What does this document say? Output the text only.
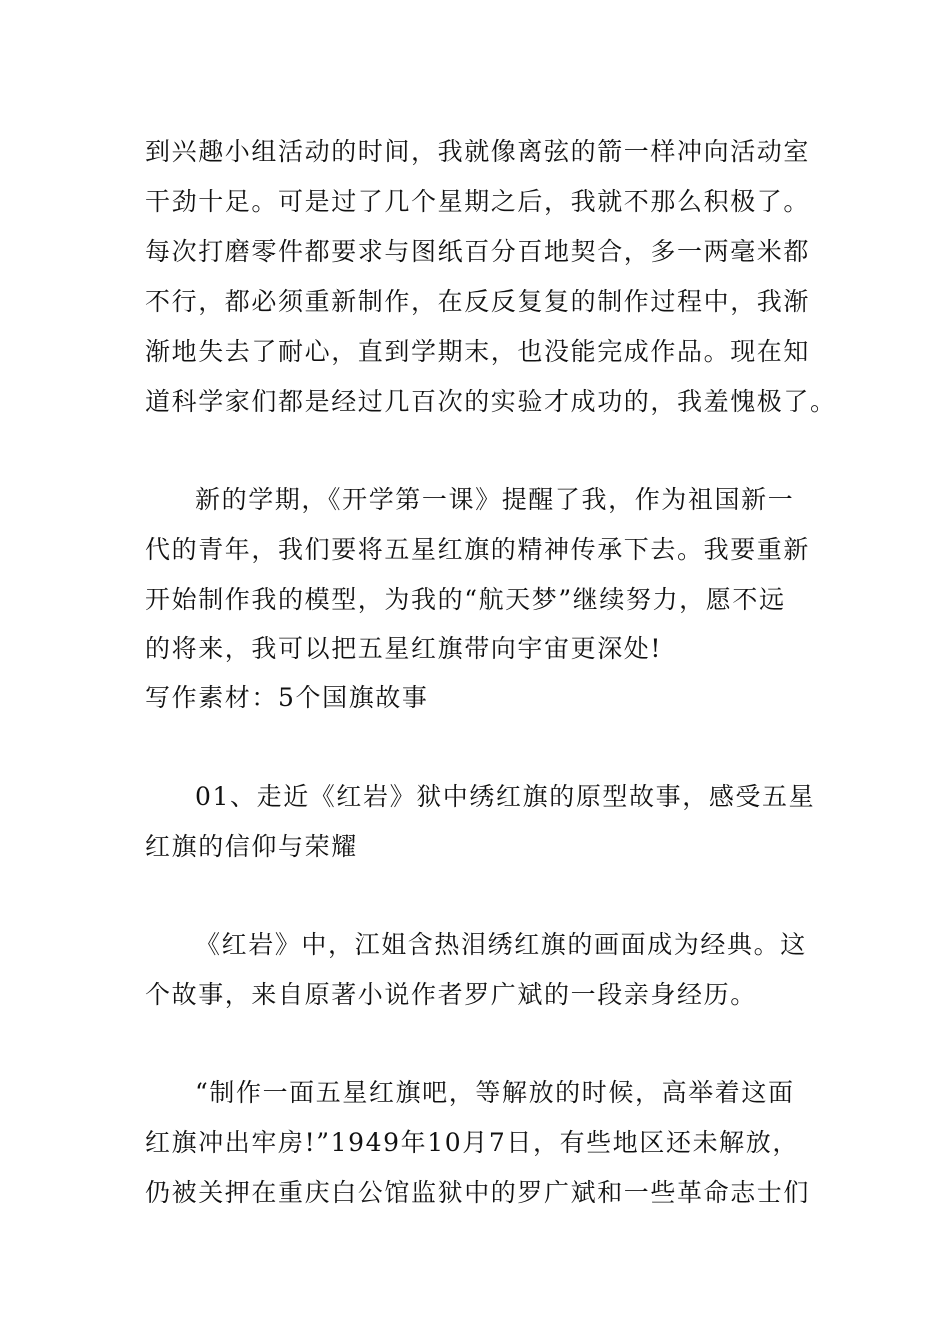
到兴趣小组活动的时间，我就像离弦的箭一样冲向活动室
干劲十足。可是过了几个星期之后，我就不那么积极了。
每次打磨零件都要求与图纸百分百地契合，多一两毫米都
不行，都必须重新制作，在反反复复的制作过程中，我渐
渐地失去了耐心，直到学期末，也没能完成作品。现在知
道科学家们都是经过几百次的实验才成功的，我羞愧极了。
新的学期，《开学第一课》提醒了我，作为祖国新一
代的青年，我们要将五星红旗的精神传承下去。我要重新
开始制作我的模型，为我的“航天梦”继续努力，愿不远
的将来，我可以把五星红旗带向宇宙更深处!
写作素材：5个国旗故事
01、走近《红岩》狱中绣红旗的原型故事，感受五星
红旗的信仰与荣耀
《红岩》中，江姐含热泪绣红旗的画面成为经典。这
个故事，来自原著小说作者罗广斌的一段亲身经历。
“制作一面五星红旗吧，等解放的时候，高举着这面
红旗冲出牢房!”1949年10月7日，有些地区还未解放，
仍被关押在重庆白公馆监狱中的罗广斌和一些革命志士们
